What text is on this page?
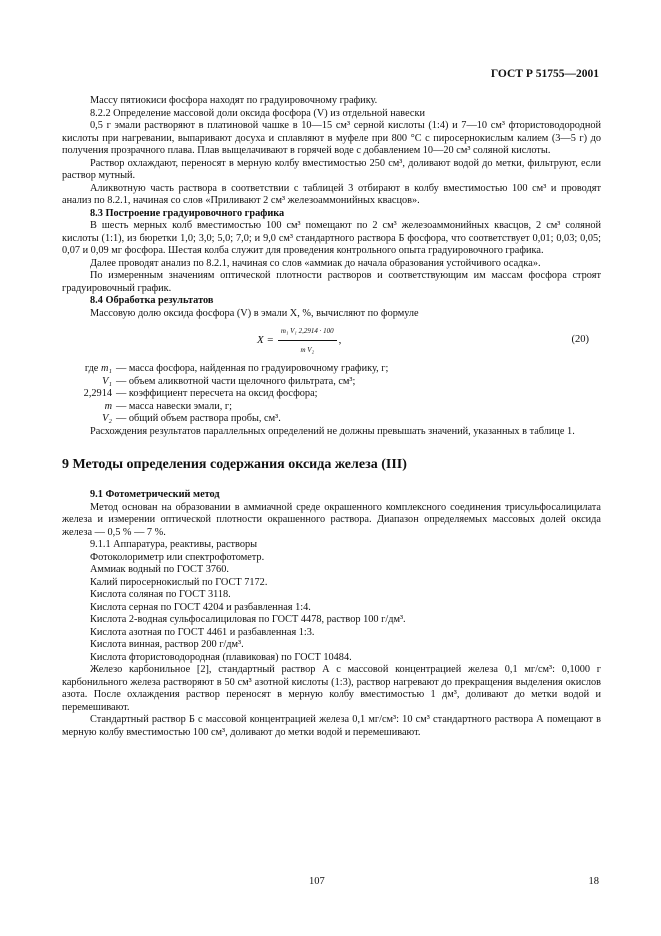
ГОСТ Р 51755—2001

Массу пятиокиси фосфора находят по градуировочному графику.

8.2.2 Определение массовой доли оксида фосфора (V) из отдельной навески

0,5 г эмали растворяют в платиновой чашке в 10—15 см³ серной кислоты (1:4) и 7—10 см³ фтористоводородной кислоты при нагревании, выпаривают досуха и сплавляют в муфеле при 800 °С с пиросернокислым калием (3—5 г) до получения прозрачного плава. Плав выщелачивают в горячей воде с добавлением 10—20 см³ соляной кислоты.

Раствор охлаждают, переносят в мерную колбу вместимостью 250 см³, доливают водой до метки, фильтруют, если раствор мутный.

Аликвотную часть раствора в соответствии с таблицей 3 отбирают в колбу вместимостью 100 см³ и проводят анализ по 8.2.1, начиная со слов «Приливают 2 см³ железоаммонийных квасцов».

8.3 Построение градуировочного графика

В шесть мерных колб вместимостью 100 см³ помещают по 2 см³ железоаммонийных квасцов, 2 см³ соляной кислоты (1:1), из бюретки 1,0; 3,0; 5,0; 7,0; и 9,0 см³ стандартного раствора Б фосфора, что соответствует 0,01; 0,03; 0,05; 0,07 и 0,09 мг фосфора. Шестая колба служит для проведения контрольного опыта градуировочного графика.

Далее проводят анализ по 8.2.1, начиная со слов «аммиак до начала образования устойчивого осадка».

По измеренным значениям оптической плотности растворов и соответствующим им массам фосфора строят градуировочный график.

8.4 Обработка результатов

Массовую долю оксида фосфора (V) в эмали X, %, вычисляют по формуле

$X = \frac{\text{m₁ V₁ 2,2914 · 100}}{\text{m V₂}}$ ,	(20)
где m₁ — масса фосфора, найденная по градуировочному графику, г;
V₁ — объем аликвотной части щелочного фильтрата, см³;
2,2914 — коэффициент пересчета на оксид фосфора;
m — масса навески эмали, г;
V₂ — общий объем раствора пробы, см³.

Расхождения результатов параллельных определений не должны превышать значений, указанных в таблице 1.

9 Методы определения содержания оксида железа (III)

9.1 Фотометрический метод

Метод основан на образовании в аммиачной среде окрашенного комплексного соединения трисульфосалицилата железа и измерении оптической плотности окрашенного раствора. Диапазон определяемых массовых долей оксида железа — 0,5 % — 7 %.

9.1.1 Аппаратура, реактивы, растворы

Фотоколориметр или спектрофотометр.

Аммиак водный по ГОСТ 3760.

Калий пиросернокислый по ГОСТ 7172.

Кислота соляная по ГОСТ 3118.

Кислота серная по ГОСТ 4204 и разбавленная 1:4.

Кислота 2-водная сульфосалициловая по ГОСТ 4478, раствор 100 г/дм³.

Кислота азотная по ГОСТ 4461 и разбавленная 1:3.

Кислота винная, раствор 200 г/дм³.

Кислота фтористоводородная (плавиковая) по ГОСТ 10484.

Железо карбонильное [2], стандартный раствор А с массовой концентрацией железа 0,1 мг/см³: 0,1000 г карбонильного железа растворяют в 50 см³ азотной кислоты (1:3), раствор нагревают до прекращения выделения окислов азота. После охлаждения раствор переносят в мерную колбу вместимостью 1 дм³, доливают до метки водой и перемешивают.

Стандартный раствор Б с массовой концентрацией железа 0,1 мг/см³: 10 см³ стандартного раствора А помещают в мерную колбу вместимостью 100 см³, доливают до метки водой и перемешивают.

107	18
